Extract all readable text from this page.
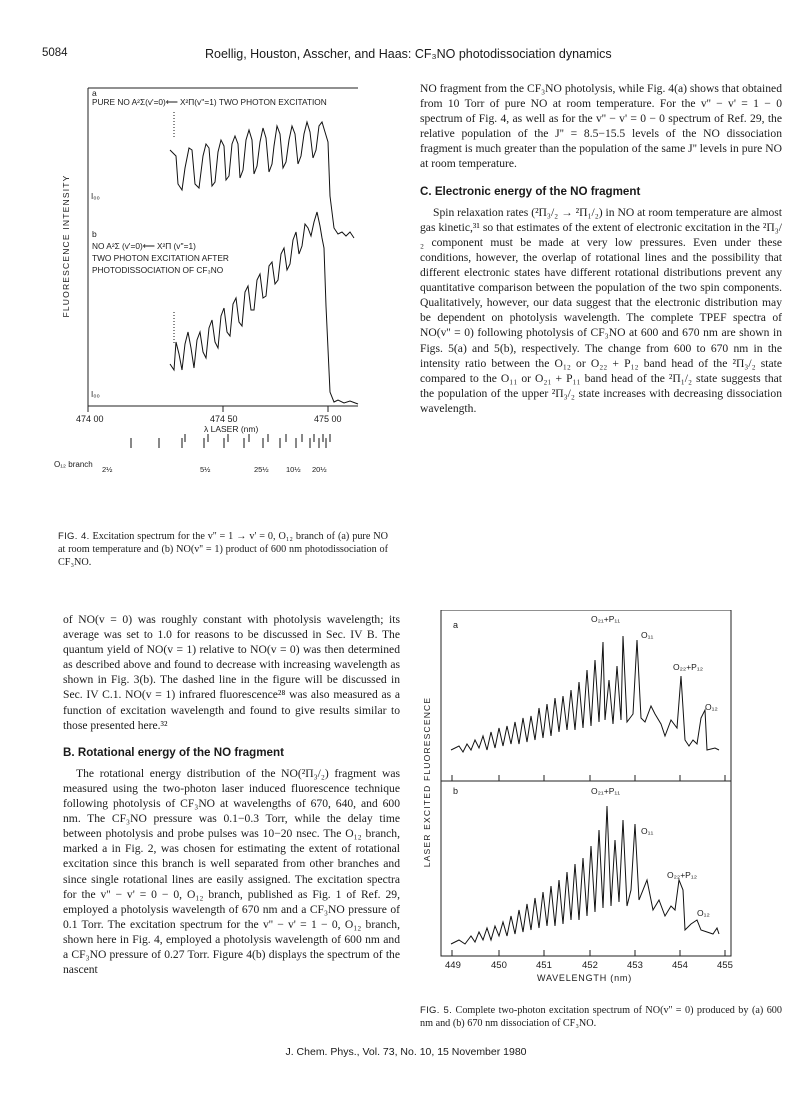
5084	Roellig, Houston, Asscher, and Haas: CF₃NO photodissociation dynamics
a
PURE NO A²Σ(v'=0)⟵ X²Π(v''=1) TWO PHOTON EXCITATION
I₀₀
b
NO A²Σ (v'=0)⟵ X²Π (v''=1)
TWO PHOTON EXCITATION AFTER
PHOTODISSOCIATION OF CF₃NO
I₀₀
FLUORESCENCE INTENSITY
474 00	474 50	475 00
λ LASER (nm)
O₁₂ branch
2½	5½	25½ 10½ 20½
FIG. 4. Excitation spectrum for the v'' = 1 → v' = 0, O₁₂ branch of (a) pure NO at room temperature and (b) NO(v'' = 1) product of 600 nm photodissociation of CF₃NO.

NO fragment from the CF₃NO photolysis, while Fig. 4(a) shows that obtained from 10 Torr of pure NO at room temperature. For the v'' − v' = 1 − 0 spectrum of Fig. 4, as well as for the v'' − v' = 0 − 0 spectrum of Ref. 29, the relative population of the J'' = 8.5−15.5 levels of the NO dissociation fragment is much greater than the population of the same J'' levels in pure NO at room temperature.

C. Electronic energy of the NO fragment

Spin relaxation rates (²Π₃/₂ → ²Π₁/₂) in NO at room temperature are almost gas kinetic,³¹ so that estimates of the extent of electronic excitation in the ²Π₃/₂ component must be made at very low pressures. Even under these conditions, however, the overlap of rotational lines and the possibility that different electronic states have different rotational distributions prevent any quantitative comparison between the population of the two spin components. Qualitatively, however, our data suggest that the electronic distribution may be dependent on photolysis wavelength. The complete TPEF spectra of NO(v'' = 0) following photolysis of CF₃NO at 600 and 670 nm are shown in Figs. 5(a) and 5(b), respectively. The change from 600 to 670 nm in the intensity ratio between the O₁₂ or O₂₂ + P₁₂ band head of the ²Π₃/₂ state compared to the O₁₁ or O₂₁ + P₁₁ band head of the ²Π₁/₂ state suggests that the population of the upper ²Π₃/₂ state increases with decreasing dissociation wavelength.

of NO(v = 0) was roughly constant with photolysis wavelength; its average was set to 1.0 for reasons to be discussed in Sec. IV B. The quantum yield of NO(v = 1) relative to NO(v = 0) was then determined as described above and found to decrease with increasing wavelength as shown in Fig. 3(b). The dashed line in the figure will be discussed in Sec. IV C.1. NO(v = 1) infrared fluorescence²⁸ was also measured as a function of excitation wavelength and found to give results similar to those presented here.³²

B. Rotational energy of the NO fragment

The rotational energy distribution of the NO(²Π₃/₂) fragment was measured using the two-photon laser induced fluorescence technique following photolysis of CF₃NO at wavelengths of 670, 640, and 600 nm. The CF₃NO pressure was 0.1−0.3 Torr, while the delay time between photolysis and probe pulses was 10−20 nsec. The O₁₂ branch, marked a in Fig. 2, was chosen for estimating the extent of rotational excitation since this branch is well separated from other branches and since single rotational lines are easily assigned. The excitation spectra for the v'' − v' = 0 − 0, O₁₂ branch, published as Fig. 1 of Ref. 29, employed a photolysis wavelength of 670 nm and a CF₃NO pressure of 0.1 Torr. The excitation spectrum for the v'' − v' = 1 − 0, O₁₂ branch, shown here in Fig. 4, employed a photolysis wavelength of 600 nm and a CF₃NO pressure of 0.27 Torr. Figure 4(b) displays the spectrum of the nascent

a
O₂₁+P₁₁
O₁₁
O₂₂+P₁₂
O₁₂
b	O₂₁+P₁₁
O₁₁
O₂₂+P₁₂
O₁₂
LASER EXCITED FLUORESCENCE
449	450	451	452	453	454	455
WAVELENGTH (nm)
FIG. 5. Complete two-photon excitation spectrum of NO(v'' = 0) produced by (a) 600 nm and (b) 670 nm dissociation of CF₃NO.
J. Chem. Phys., Vol. 73, No. 10, 15 November 1980
